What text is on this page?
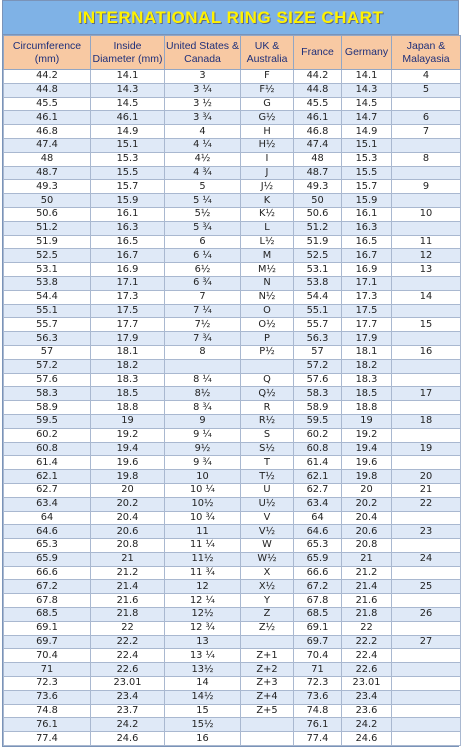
INTERNATIONAL RING SIZE CHART
Circumference (mm)	Inside Diameter (mm)	United States & Canada	UK & Australia	France	Germany	Japan & Malayasia
44.2	14.1	3	F	44.2	14.1	4
44.8	14.3	3 ¼	F½	44.8	14.3	5
45.5	14.5	3 ½	G	45.5	14.5	
46.1	46.1	3 ¾	G½	46.1	14.7	6
46.8	14.9	4	H	46.8	14.9	7
47.4	15.1	4 ¼	H½	47.4	15.1	
48	15.3	4½	I	48	15.3	8
48.7	15.5	4 ¾	J	48.7	15.5	
49.3	15.7	5	J½	49.3	15.7	9
50	15.9	5 ¼	K	50	15.9	
50.6	16.1	5½	K½	50.6	16.1	10
51.2	16.3	5 ¾	L	51.2	16.3	
51.9	16.5	6	L½	51.9	16.5	11
52.5	16.7	6 ¼	M	52.5	16.7	12
53.1	16.9	6½	M½	53.1	16.9	13
53.8	17.1	6 ¾	N	53.8	17.1	
54.4	17.3	7	N½	54.4	17.3	14
55.1	17.5	7 ¼	O	55.1	17.5	
55.7	17.7	7½	O½	55.7	17.7	15
56.3	17.9	7 ¾	P	56.3	17.9	
57	18.1	8	P½	57	18.1	16
57.2	18.2			57.2	18.2	
57.6	18.3	8 ¼	Q	57.6	18.3	
58.3	18.5	8½	Q½	58.3	18.5	17
58.9	18.8	8 ¾	R	58.9	18.8	
59.5	19	9	R½	59.5	19	18
60.2	19.2	9 ¼	S	60.2	19.2	
60.8	19.4	9½	S½	60.8	19.4	19
61.4	19.6	9 ¾	T	61.4	19.6	
62.1	19.8	10	T½	62.1	19.8	20
62.7	20	10 ¼	U	62.7	20	21
63.4	20.2	10½	U½	63.4	20.2	22
64	20.4	10 ¾	V	64	20.4	
64.6	20.6	11	V½	64.6	20.6	23
65.3	20.8	11 ¼	W	65.3	20.8	
65.9	21	11½	W½	65.9	21	24
66.6	21.2	11 ¾	X	66.6	21.2	
67.2	21.4	12	X½	67.2	21.4	25
67.8	21.6	12 ¼	Y	67.8	21.6	
68.5	21.8	12½	Z	68.5	21.8	26
69.1	22	12 ¾	Z½	69.1	22	
69.7	22.2	13		69.7	22.2	27
70.4	22.4	13 ¼	Z+1	70.4	22.4	
71	22.6	13½	Z+2	71	22.6	
72.3	23.01	14	Z+3	72.3	23.01	
73.6	23.4	14½	Z+4	73.6	23.4	
74.8	23.7	15	Z+5	74.8	23.6	
76.1	24.2	15½		76.1	24.2	
77.4	24.6	16		77.4	24.6	
